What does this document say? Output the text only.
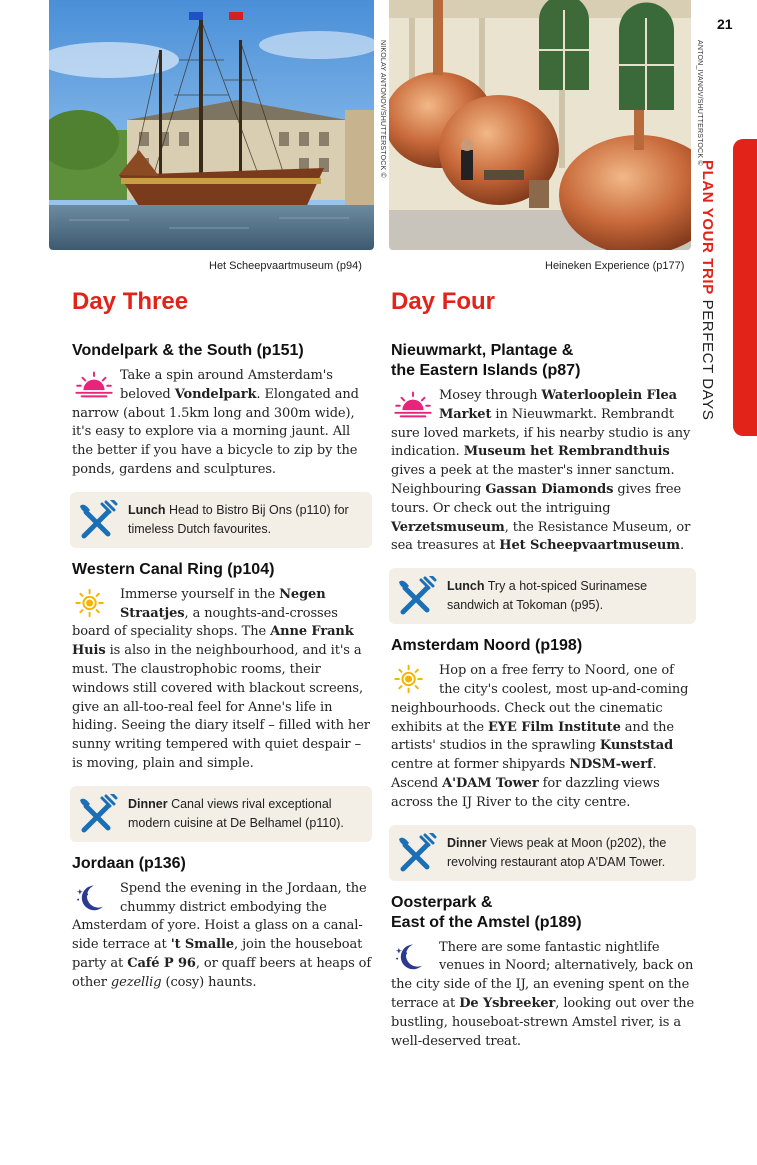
NIKOLAY ANTONOV/SHUTTERSTOCK ©	ANTON_IVANOV/SHUTTERSTOCK ©
Het Scheepvaartmuseum (p94)	Heineken Experience (p177)
21
PLAN YOUR TRIP PERFECT DAYS
Day Three
Vondelpark & the South (p151)

Take a spin around Amsterdam's beloved Vondelpark. Elongated and narrow (about 1.5km long and 300m wide), it's easy to explore via a morning jaunt. All the better if you have a bicycle to zip by the ponds, gardens and sculptures.

Lunch Head to Bistro Bij Ons (p110) for timeless Dutch favourites.
Western Canal Ring (p104)

Immerse yourself in the Negen Straatjes, a noughts-and-crosses board of speciality shops. The Anne Frank Huis is also in the neighbourhood, and it's a must. The claustrophobic rooms, their windows still covered with blackout screens, give an all-too-real feel for Anne's life in hiding. Seeing the diary itself – filled with her sunny writing tempered with quiet despair – is moving, plain and simple.

Dinner Canal views rival exceptional modern cuisine at De Belhamel (p110).
Jordaan (p136)

Spend the evening in the Jordaan, the chummy district embodying the Amsterdam of yore. Hoist a glass on a canal-side terrace at 't Smalle, join the houseboat party at Café P 96, or quaff beers at heaps of other gezellig (cosy) haunts.

Day Four
Nieuwmarkt, Plantage &
the Eastern Islands (p87)

Mosey through Waterlooplein Flea Market in Nieuwmarkt. Rembrandt sure loved markets, if his nearby studio is any indication. Museum het Rembrandthuis gives a peek at the master's inner sanctum. Neighbouring Gassan Diamonds gives free tours. Or check out the intriguing Verzetsmuseum, the Resistance Museum, or sea treasures at Het Scheepvaartmuseum.

Lunch Try a hot-spiced Surinamese sandwich at Tokoman (p95).
Amsterdam Noord (p198)

Hop on a free ferry to Noord, one of the city's coolest, most up-and-coming neighbourhoods. Check out the cinematic exhibits at the EYE Film Institute and the artists' studios in the sprawling Kunststad centre at former shipyards NDSM-werf. Ascend A'DAM Tower for dazzling views across the IJ River to the city centre.

Dinner Views peak at Moon (p202), the revolving restaurant atop A'DAM Tower.
Oosterpark &
East of the Amstel (p189)

There are some fantastic nightlife venues in Noord; alternatively, back on the city side of the IJ, an evening spent on the terrace at De Ysbreeker, looking out over the bustling, houseboat-strewn Amstel river, is a well-deserved treat.
